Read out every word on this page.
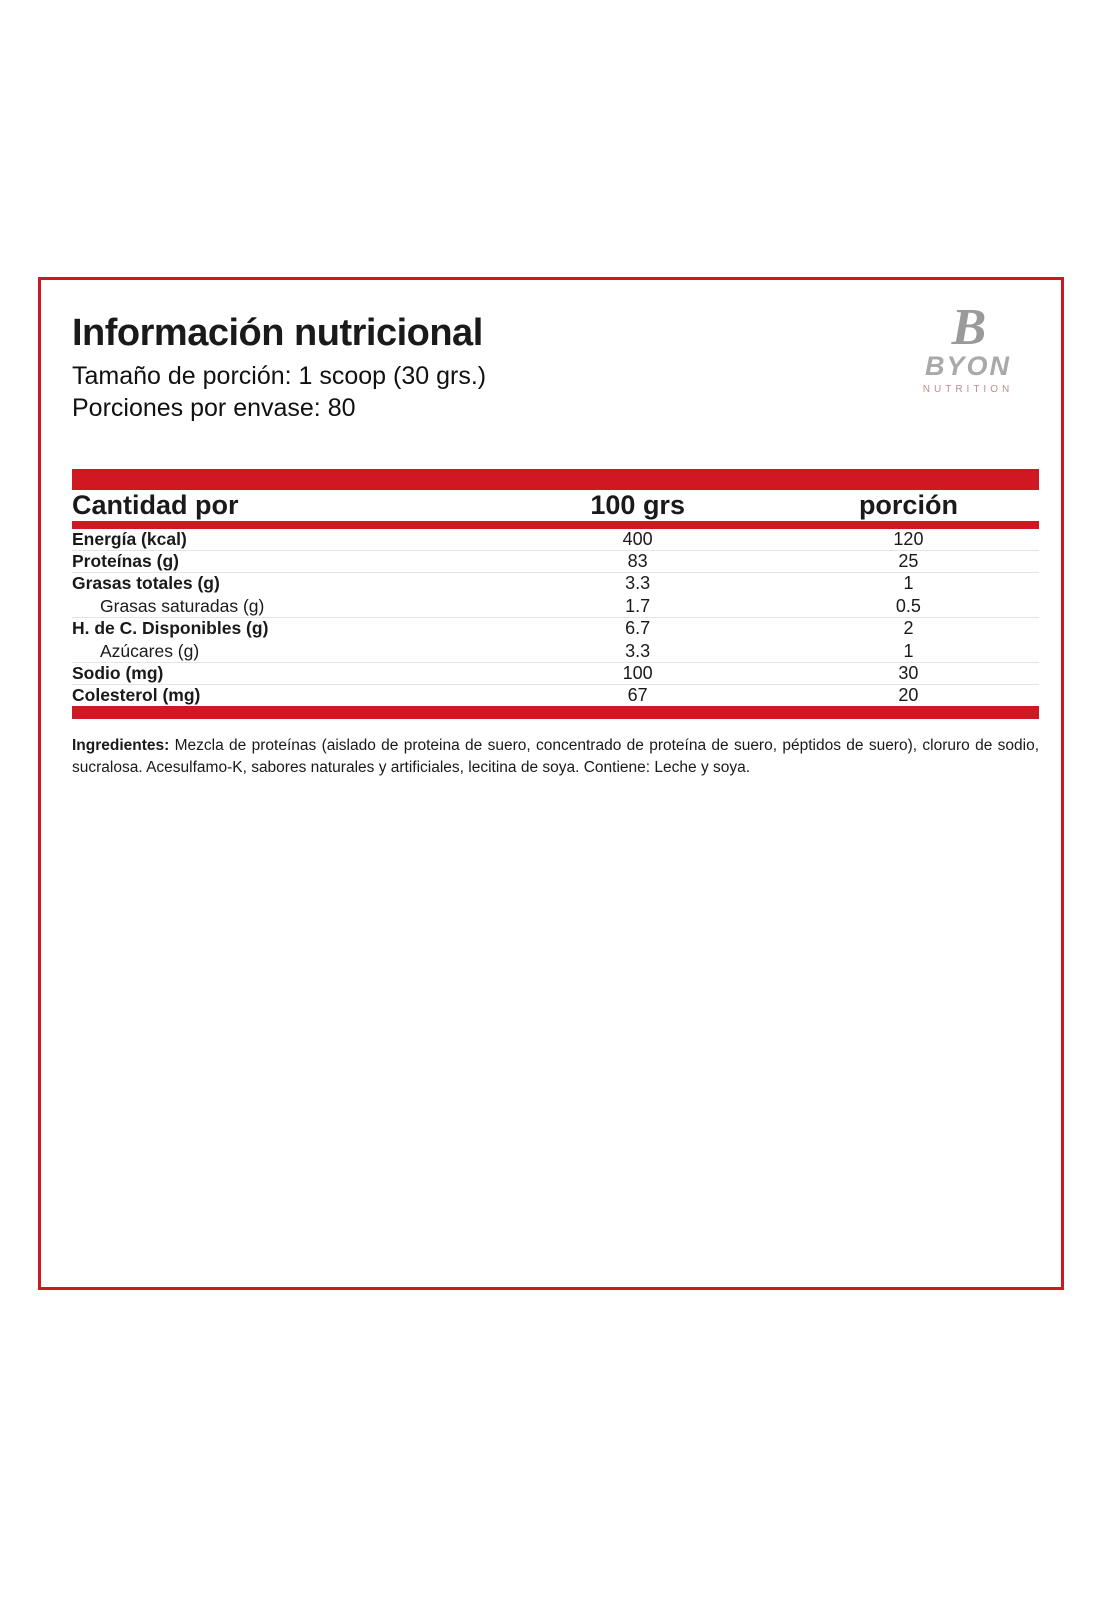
B
BYON
NUTRITION
Información nutricional

Tamaño de porción: 1 scoop (30 grs.)

Porciones por envase: 80

Cantidad por	100 grs	porción
Energía (kcal)	400	120
Proteínas (g)	83	25
Grasas totales (g)	3.3	1
Grasas saturadas (g)	1.7	0.5
H. de C. Disponibles (g)	6.7	2
Azúcares (g)	3.3	1
Sodio (mg)	100	30
Colesterol (mg)	67	20

Ingredientes: Mezcla de proteínas (aislado de proteina de suero, concentrado de proteína de suero, péptidos de suero), cloruro de sodio, sucralosa. Acesulfamo-K, sabores naturales y artificiales, lecitina de soya. Contiene: Leche y soya.
